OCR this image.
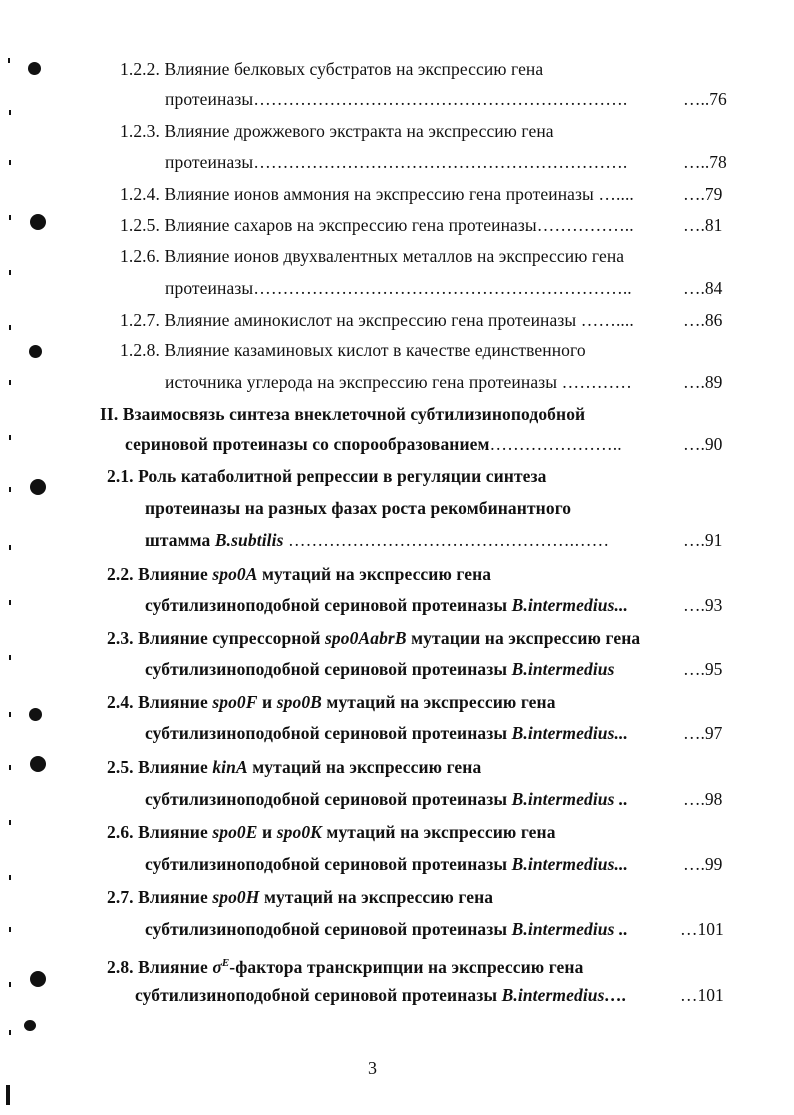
1.2.2. Влияние белковых субстратов на экспрессию гена
протеиназы……………………………………………………….	…..76
1.2.3. Влияние дрожжевого экстракта на экспрессию гена
протеиназы……………………………………………………….	…..78
1.2.4. Влияние ионов аммония на экспрессию гена протеиназы …....	….79
1.2.5. Влияние сахаров на экспрессию гена протеиназы……………..	….81
1.2.6. Влияние ионов двухвалентных металлов на экспрессию гена
протеиназы………………………………………………………..	….84
1.2.7. Влияние аминокислот на экспрессию гена протеиназы ……....	….86
1.2.8. Влияние казаминовых кислот в качестве единственного
источника углерода на экспрессию гена протеиназы …………	….89
II. Взаимосвязь синтеза внеклеточной субтилизиноподобной
сериновой протеиназы со спорообразованием…………………..	….90
2.1. Роль катаболитной репрессии в регуляции синтеза
протеиназы на разных фазах роста рекомбинантного
штамма B.subtilis ………………………………………….……	….91
2.2. Влияние spo0A мутаций на экспрессию гена
субтилизиноподобной сериновой протеиназы B.intermedius...	….93
2.3. Влияние супрессорной spo0AabrB мутации на экспрессию гена
субтилизиноподобной сериновой протеиназы B.intermedius	….95
2.4. Влияние spo0F и spo0B мутаций на экспрессию гена
субтилизиноподобной сериновой протеиназы B.intermedius...	….97
2.5. Влияние kinA мутаций на экспрессию гена
субтилизиноподобной сериновой протеиназы B.intermedius ..	….98
2.6. Влияние spo0E и spo0K мутаций на экспрессию гена
субтилизиноподобной сериновой протеиназы B.intermedius...	….99
2.7. Влияние spo0H мутаций на экспрессию гена
субтилизиноподобной сериновой протеиназы B.intermedius ..	…101
2.8. Влияние $\sigma^E$-фактора транскрипции на экспрессию гена
субтилизиноподобной сериновой протеиназы B.intermedius….	…101
3
